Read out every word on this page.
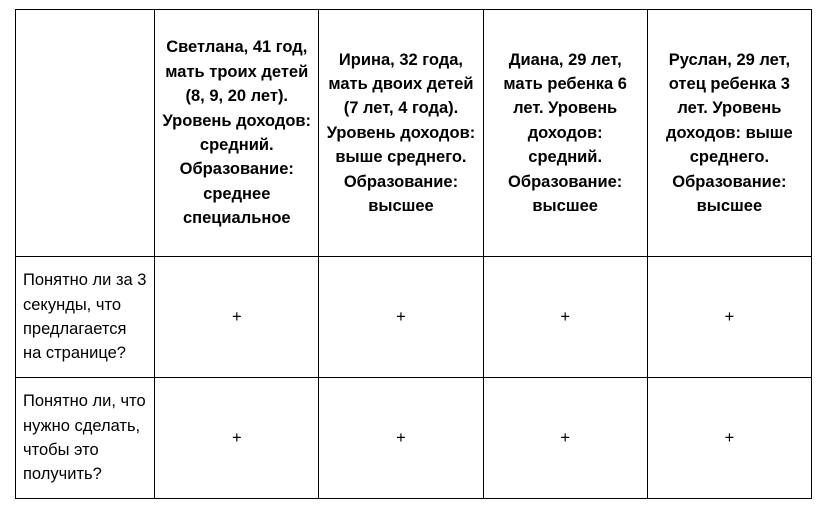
	Светлана, 41 год, мать троих детей (8, 9, 20 лет). Уровень доходов: средний. Образование: среднее специальное	Ирина, 32 года, мать двоих детей (7 лет, 4 года). Уровень доходов: выше среднего. Образование: высшее	Диана, 29 лет, мать ребенка 6 лет. Уровень доходов: средний. Образование: высшее	Руслан, 29 лет, отец ребенка 3 лет. Уровень доходов: выше среднего. Образование: высшее
Понятно ли за 3 секунды, что предлагается на странице?	+	+	+	+
Понятно ли, что нужно сделать, чтобы это получить?	+	+	+	+
